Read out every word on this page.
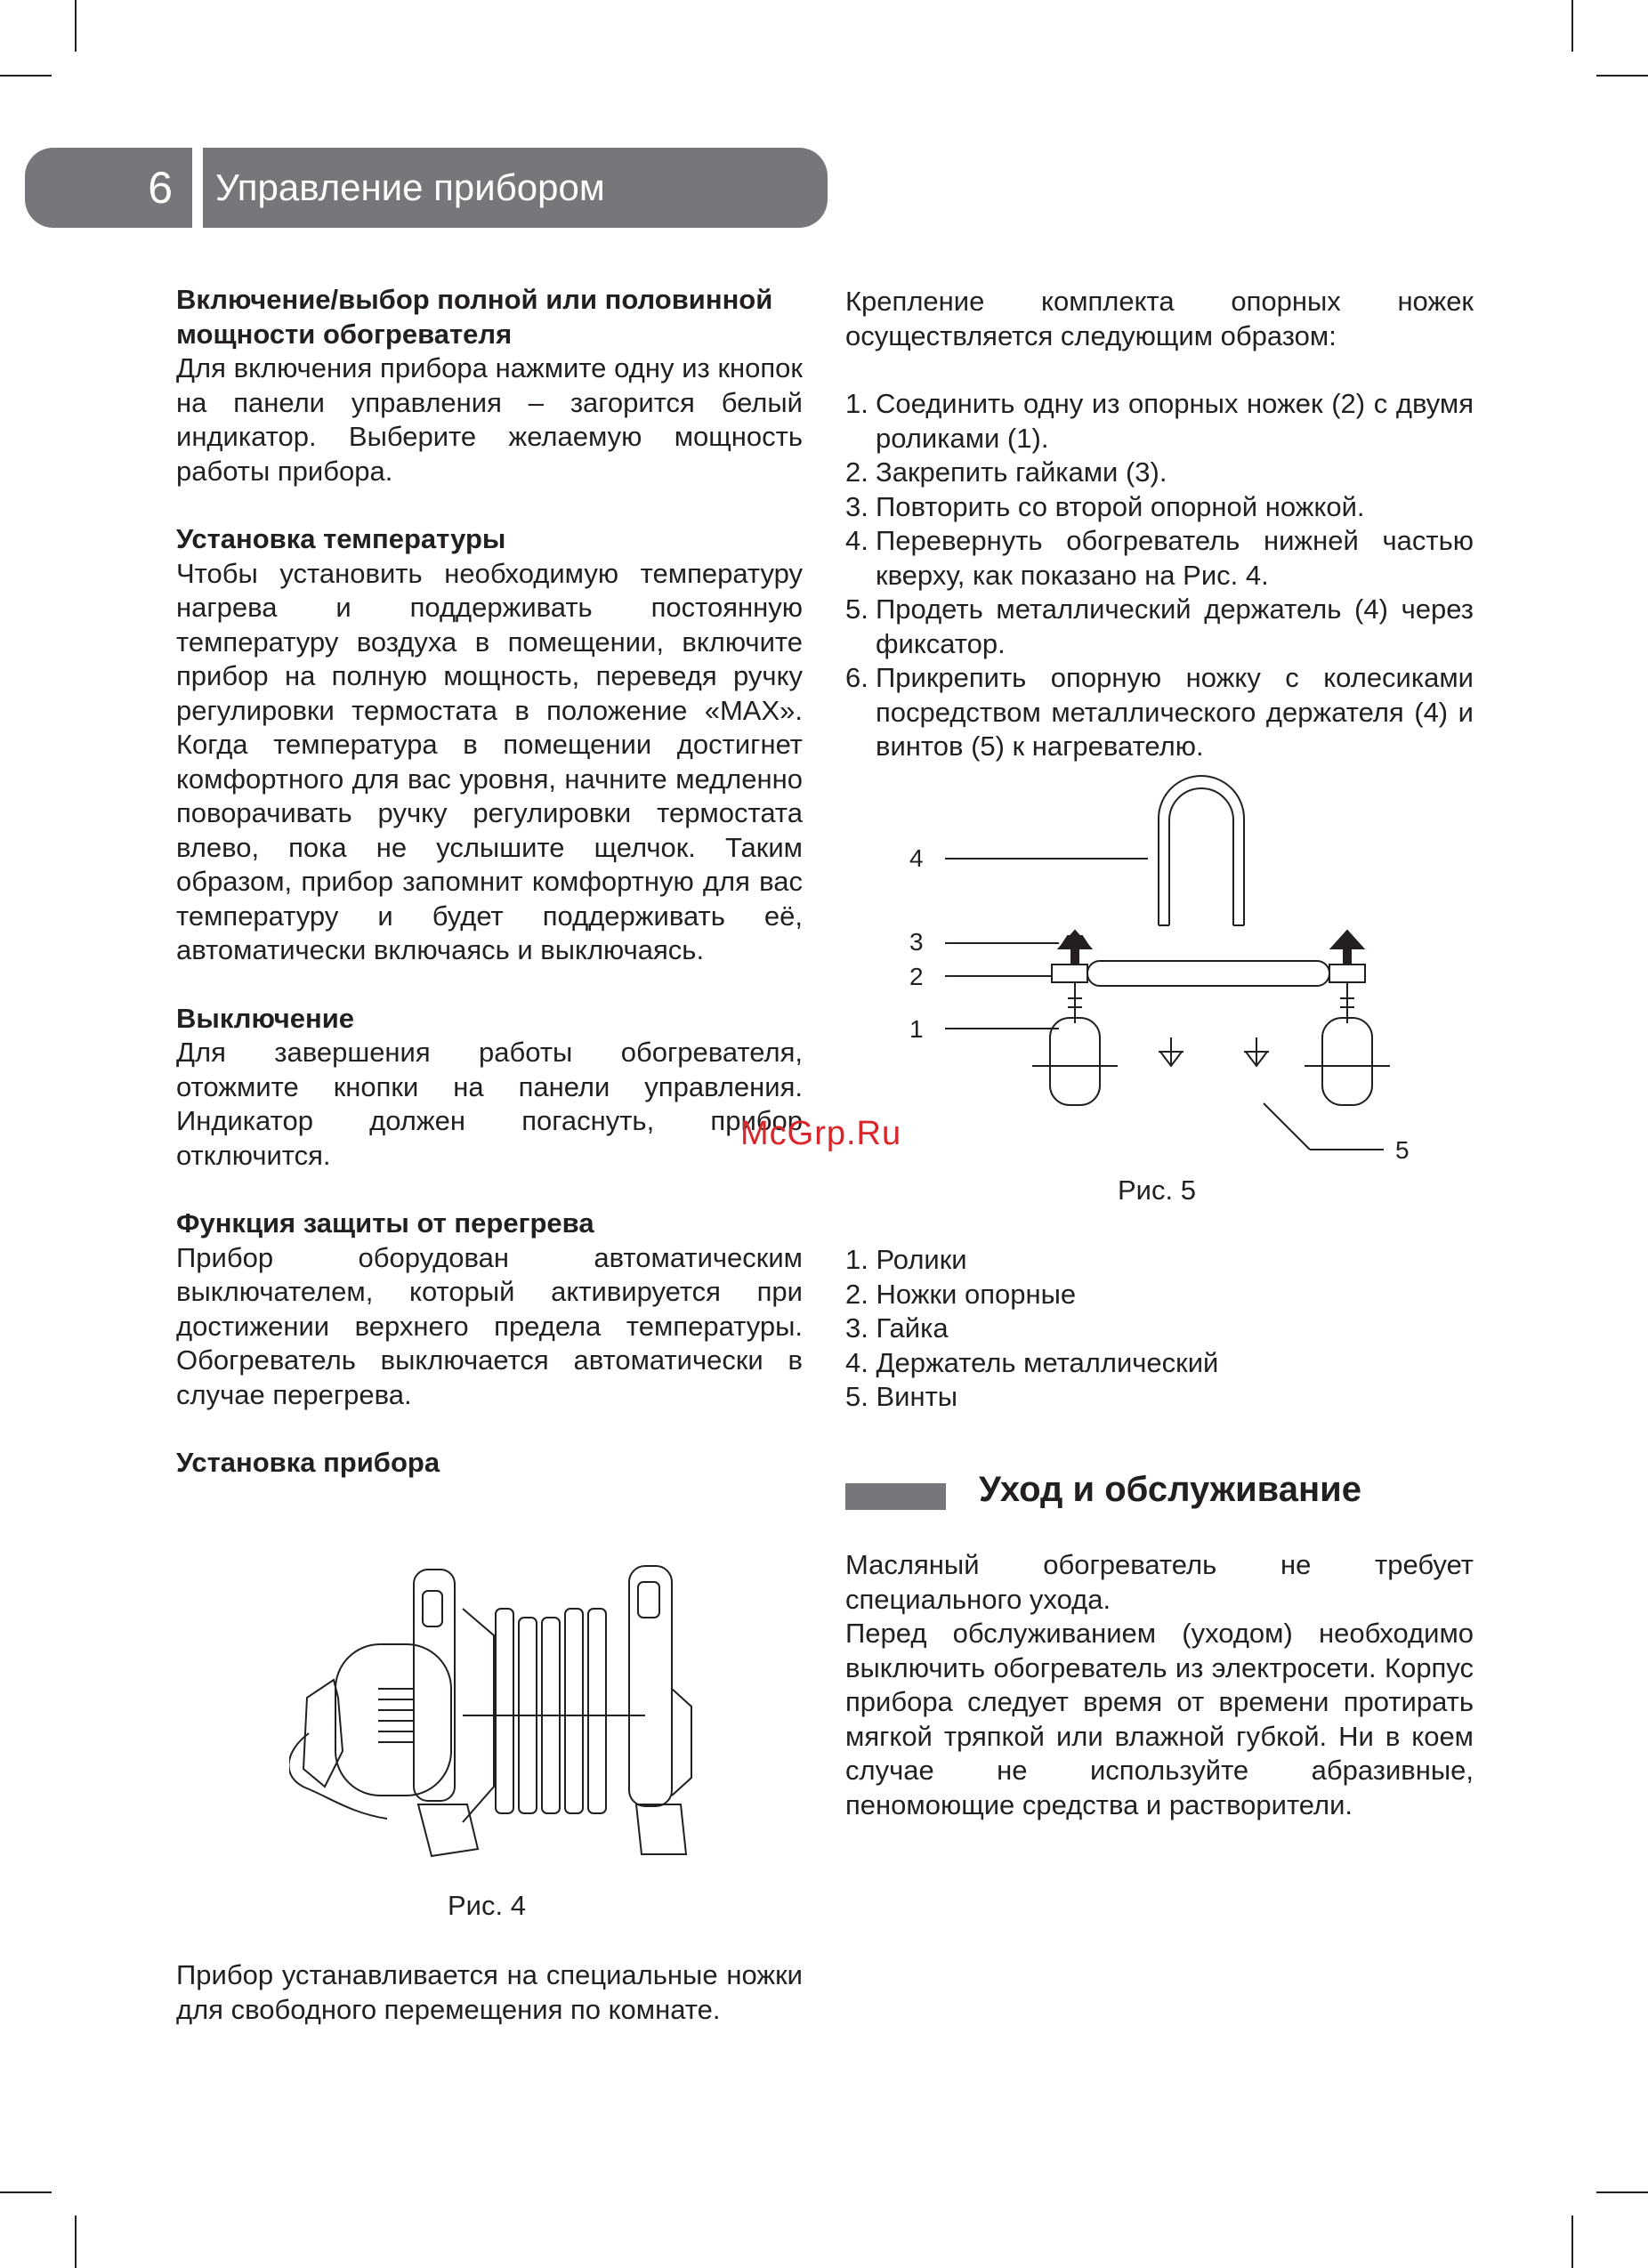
6	Управление прибором

Включение/выбор полной или половинной мощности обогревателя

Для включения прибора нажмите одну из кнопок на панели управления – загорится белый индикатор. Выберите желаемую мощность работы прибора.

Установка температуры

Чтобы установить необходимую температуру нагрева и поддерживать постоянную температуру воздуха в помещении, включите прибор на полную мощность, переведя ручку регулировки термостата в положение «MAX». Когда температура в помещении достигнет комфортного для вас уровня, начните медленно поворачивать ручку регулировки термостата влево, пока не услышите щелчок. Таким образом, прибор запомнит комфортную для вас температуру и будет поддерживать её, автоматически включаясь и выключаясь.

Выключение

Для завершения работы обогревателя, отожмите кнопки на панели управления. Индикатор должен погаснуть, прибор отключится.

Функция защиты от перегрева

Прибор оборудован автоматическим выключателем, который активируется при достижении верхнего предела температуры. Обогреватель выключается автоматически в случае перегрева.

Установка прибора

Рис. 4

Прибор устанавливается на специальные ножки для свободного перемещения по комнате.

Крепление комплекта опорных ножек осуществляется следующим образом:

1. Соединить одну из опорных ножек (2) с двумя роликами (1).
2. Закрепить гайками (3).
3. Повторить со второй опорной ножкой.
4. Перевернуть обогреватель нижней частью кверху, как показано на Рис. 4.
5. Продеть металлический держатель (4) через фиксатор.
6. Прикрепить опорную ножку с колесиками посредством металлического держателя (4) и винтов (5) к нагревателю.
4
3
2
1
5
Рис. 5

1. Ролики

2. Ножки опорные

3. Гайка

4. Держатель металлический

5. Винты

Уход и обслуживание

Масляный обогреватель не требует специального ухода.

Перед обслуживанием (уходом) необходимо выключить обогреватель из электросети. Корпус прибора следует время от времени протирать мягкой тряпкой или влажной губкой. Ни в коем случае не используйте абразивные, пеномоющие средства и растворители.

McGrp.Ru
